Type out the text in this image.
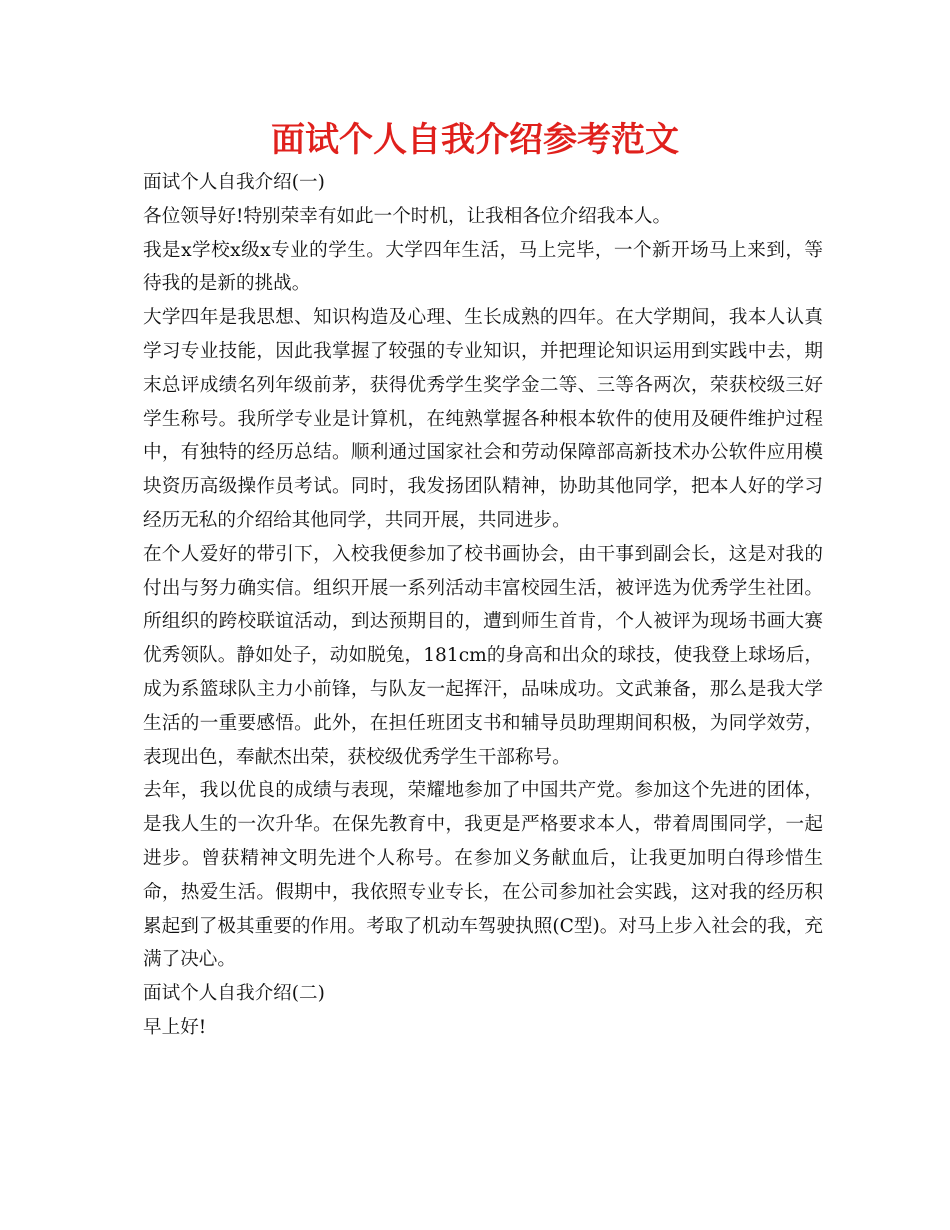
面试个人自我介绍参考范文

面试个人自我介绍(一)

各位领导好!特别荣幸有如此一个时机，让我相各位介绍我本人。

我是x学校x级x专业的学生。大学四年生活，马上完毕，一个新开场马上来到，等待我的是新的挑战。

大学四年是我思想、知识构造及心理、生长成熟的四年。在大学期间，我本人认真学习专业技能，因此我掌握了较强的专业知识，并把理论知识运用到实践中去，期末总评成绩名列年级前茅，获得优秀学生奖学金二等、三等各两次，荣获校级三好学生称号。我所学专业是计算机，在纯熟掌握各种根本软件的使用及硬件维护过程中，有独特的经历总结。顺利通过国家社会和劳动保障部高新技术办公软件应用模块资历高级操作员考试。同时，我发扬团队精神，协助其他同学，把本人好的学习经历无私的介绍给其他同学，共同开展，共同进步。

在个人爱好的带引下，入校我便参加了校书画协会，由干事到副会长，这是对我的付出与努力确实信。组织开展一系列活动丰富校园生活，被评选为优秀学生社团。所组织的跨校联谊活动，到达预期目的，遭到师生首肯，个人被评为现场书画大赛优秀领队。静如处子，动如脱兔，181cm的身高和出众的球技，使我登上球场后，成为系篮球队主力小前锋，与队友一起挥汗，品味成功。文武兼备，那么是我大学生活的一重要感悟。此外，在担任班团支书和辅导员助理期间积极，为同学效劳，表现出色，奉献杰出荣，获校级优秀学生干部称号。

去年，我以优良的成绩与表现，荣耀地参加了中国共产党。参加这个先进的团体，是我人生的一次升华。在保先教育中，我更是严格要求本人，带着周围同学，一起进步。曾获精神文明先进个人称号。在参加义务献血后，让我更加明白得珍惜生命，热爱生活。假期中，我依照专业专长，在公司参加社会实践，这对我的经历积累起到了极其重要的作用。考取了机动车驾驶执照(C型)。对马上步入社会的我，充满了决心。

面试个人自我介绍(二)

早上好!
